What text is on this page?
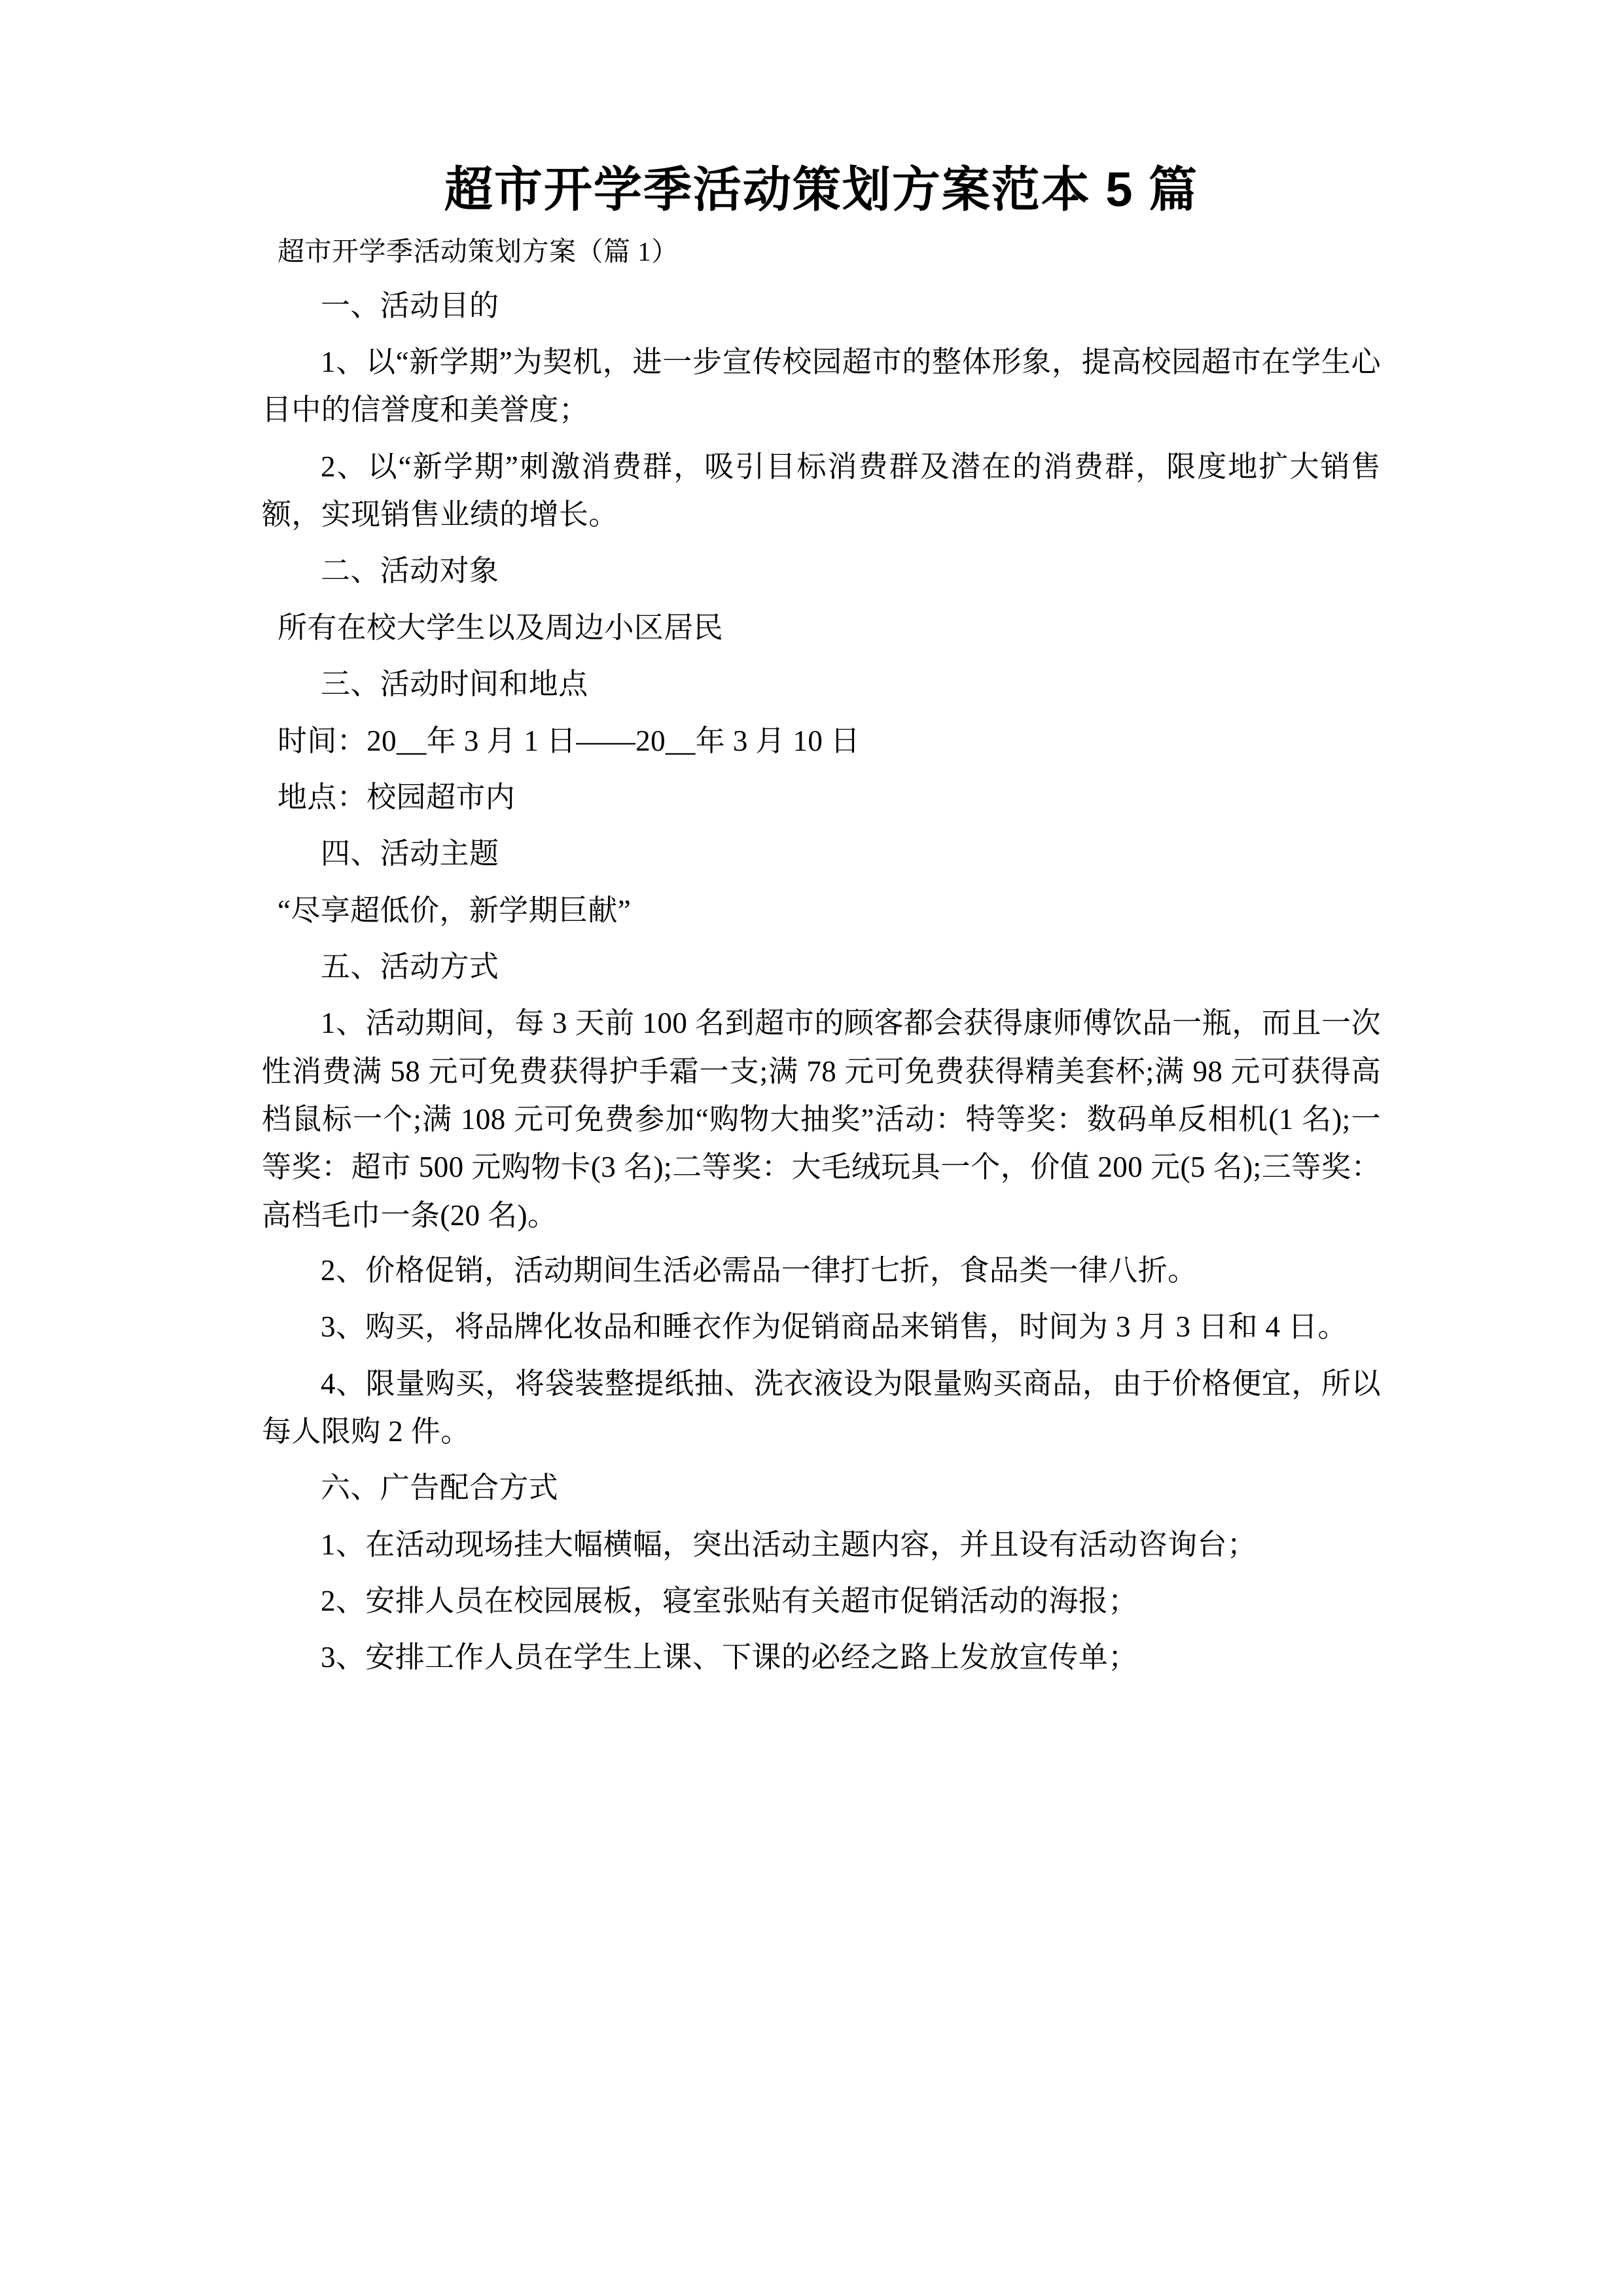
超市开学季活动策划方案范本 5 篇
超市开学季活动策划方案（篇 1）

一、活动目的

1、以“新学期”为契机，进一步宣传校园超市的整体形象，提高校园超市在学生心目中的信誉度和美誉度；

2、以“新学期”刺激消费群，吸引目标消费群及潜在的消费群，限度地扩大销售额，实现销售业绩的增长。

二、活动对象

所有在校大学生以及周边小区居民

三、活动时间和地点

时间：20__年 3 月 1 日——20__年 3 月 10 日

地点：校园超市内

四、活动主题

“尽享超低价，新学期巨献”

五、活动方式

1、活动期间，每 3 天前 100 名到超市的顾客都会获得康师傅饮品一瓶，而且一次性消费满 58 元可免费获得护手霜一支;满 78 元可免费获得精美套杯;满 98 元可获得高档鼠标一个;满 108 元可免费参加“购物大抽奖”活动：特等奖：数码单反相机(1 名);一等奖：超市 500 元购物卡(3 名);二等奖：大毛绒玩具一个，价值 200 元(5 名);三等奖：高档毛巾一条(20 名)。

2、价格促销，活动期间生活必需品一律打七折，食品类一律八折。

3、购买，将品牌化妆品和睡衣作为促销商品来销售，时间为 3 月 3 日和 4 日。

4、限量购买，将袋装整提纸抽、洗衣液设为限量购买商品，由于价格便宜，所以每人限购 2 件。

六、广告配合方式

1、在活动现场挂大幅横幅，突出活动主题内容，并且设有活动咨询台；

2、安排人员在校园展板，寝室张贴有关超市促销活动的海报；

3、安排工作人员在学生上课、下课的必经之路上发放宣传单；
